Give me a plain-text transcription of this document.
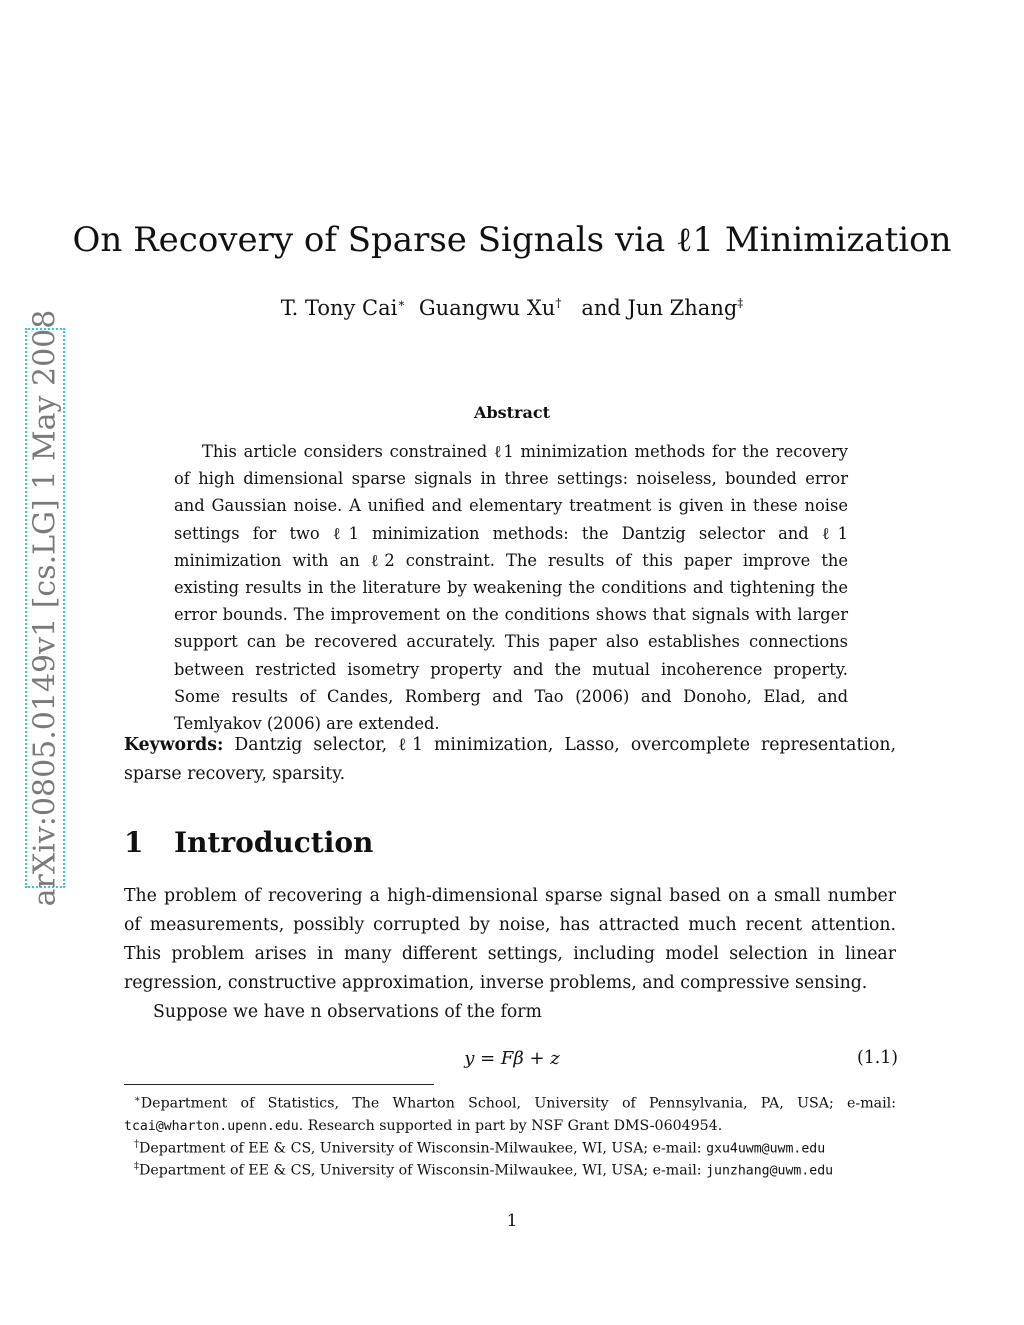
arXiv:0805.0149v1 [cs.LG] 1 May 2008
On Recovery of Sparse Signals via ℓ1 Minimization
T. Tony Cai∗ Guangwu Xu† and Jun Zhang‡
Abstract
This article considers constrained ℓ1 minimization methods for the recovery of high dimensional sparse signals in three settings: noiseless, bounded error and Gaussian noise. A unified and elementary treatment is given in these noise settings for two ℓ1 minimization methods: the Dantzig selector and ℓ1 minimization with an ℓ2 constraint. The results of this paper improve the existing results in the literature by weakening the conditions and tightening the error bounds. The improvement on the conditions shows that signals with larger support can be recovered accurately. This paper also establishes connections between restricted isometry property and the mutual incoherence property. Some results of Candes, Romberg and Tao (2006) and Donoho, Elad, and Temlyakov (2006) are extended.
Keywords: Dantzig selector, ℓ1 minimization, Lasso, overcomplete representation, sparse recovery, sparsity.
1 Introduction
The problem of recovering a high-dimensional sparse signal based on a small number of measurements, possibly corrupted by noise, has attracted much recent attention. This problem arises in many different settings, including model selection in linear regression, constructive approximation, inverse problems, and compressive sensing.
Suppose we have n observations of the form
y = Fβ + z	(1.1)
∗Department of Statistics, The Wharton School, University of Pennsylvania, PA, USA; e-mail: tcai@wharton.upenn.edu. Research supported in part by NSF Grant DMS-0604954.
†Department of EE & CS, University of Wisconsin-Milwaukee, WI, USA; e-mail: gxu4uwm@uwm.edu
‡Department of EE & CS, University of Wisconsin-Milwaukee, WI, USA; e-mail: junzhang@uwm.edu
1
